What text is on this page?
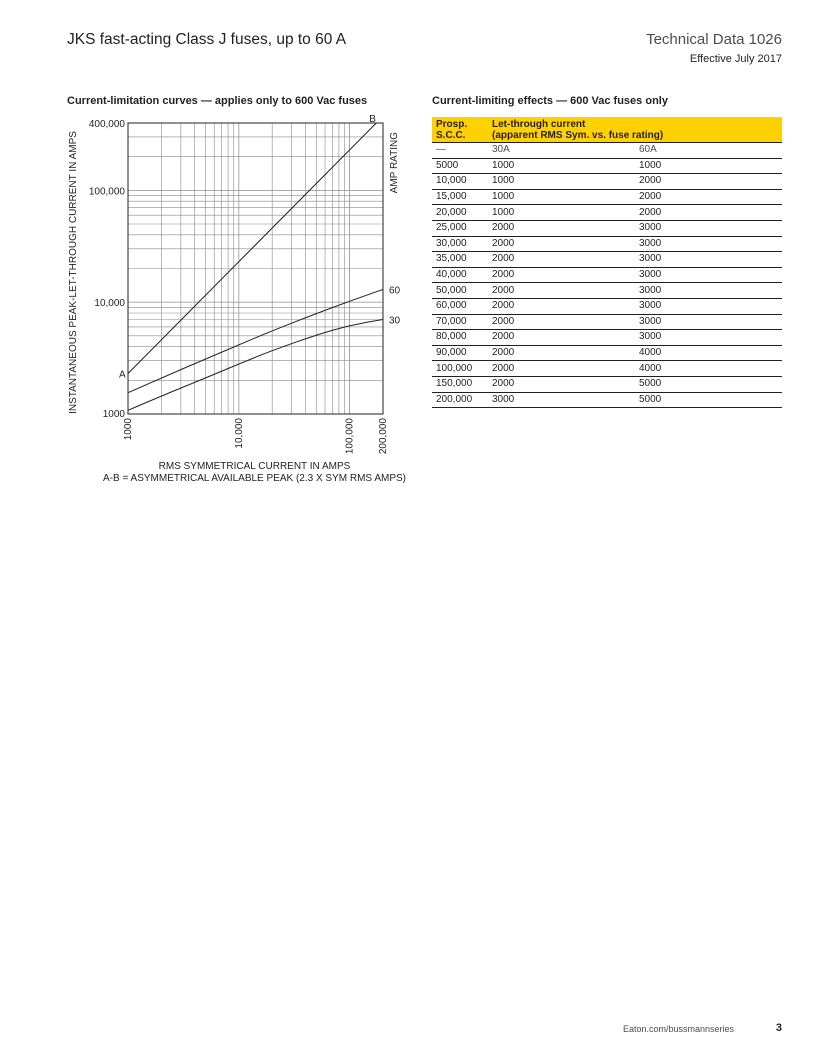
JKS fast-acting Class J fuses, up to 60 A	Technical Data 1026
Effective July 2017
Current-limitation curves — applies only to 600 Vac fuses	Current-limiting effects — 600 Vac fuses only
A
B
60
30
1000
10,000
100,000
400,000
1000	10,000	100,000 200,000
INSTANTANEOUS PEAK-LET-THROUGH CURRENT IN AMPS	AMP RATING
RMS SYMMETRICAL CURRENT IN AMPS
A-B = ASYMMETRICAL AVAILABLE PEAK (2.3 X SYM RMS AMPS)
Prosp.
S.C.C.	Let-through current
(apparent RMS Sym. vs. fuse rating)	
—	30A	60A
5000	1000	1000
10,000	1000	2000
15,000	1000	2000
20,000	1000	2000
25,000	2000	3000
30,000	2000	3000
35,000	2000	3000
40,000	2000	3000
50,000	2000	3000
60,000	2000	3000
70,000	2000	3000
80,000	2000	3000
90,000	2000	4000
100,000	2000	4000
150,000	2000	5000
200,000	3000	5000
Eaton.com/bussmannseries	3
